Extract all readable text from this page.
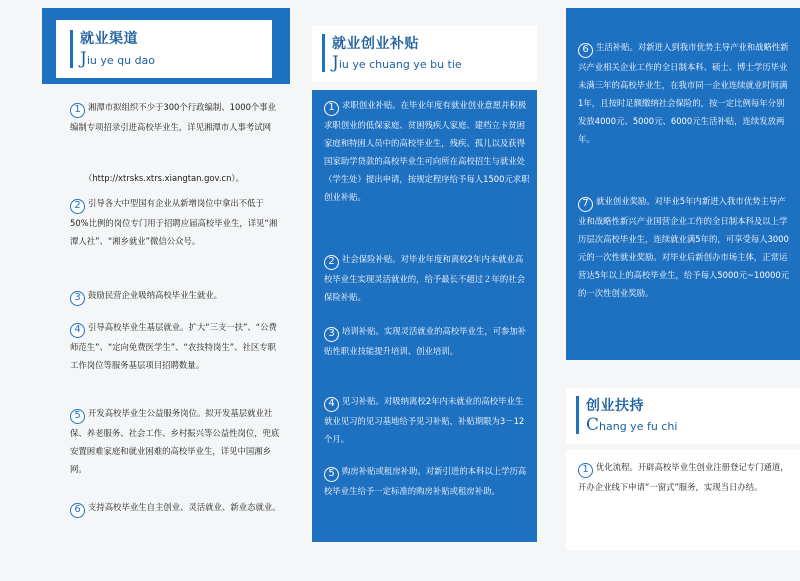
就业渠道
Jiu ye qu dao
1 湘潭市拟组织不少于300个行政编制、1000个事业编制专项招录引进高校毕业生，详见湘潭市人事考试网
（http://xtrsks.xtrs.xiangtan.gov.cn）。
2 引导各大中型国有企业从新增岗位中拿出不低于50%比例的岗位专门用于招聘应届高校毕业生，详见“湘潭人社”、“湘乡就业”微信公众号。
3 鼓励民营企业吸纳高校毕业生就业。
4 引导高校毕业生基层就业。扩大“三支一扶”、“公费师范生”、“定向免费医学生”、“农技特岗生”、社区专职工作岗位等服务基层项目招聘数量。
5 开发高校毕业生公益服务岗位。拟开发基层就业社保、养老服务、社会工作、乡村振兴等公益性岗位，兜底安置困难家庭和就业困难的高校毕业生，详见中国湘乡网。
6 支持高校毕业生自主创业、灵活就业、新业态就业。
就业创业补贴
Jiu ye chuang ye bu tie
1 求职创业补贴。在毕业年度有就业创业意愿并积极求职创业的低保家庭、贫困残疾人家庭、建档立卡贫困家庭和特困人员中的高校毕业生，残疾、孤儿以及获得国家助学贷款的高校毕业生可向所在高校招生与就业处（学生处）提出申请，按规定程序给予每人1500元求职创业补贴。
2 社会保险补贴。对毕业年度和离校2年内未就业高校毕业生实现灵活就业的，给予最长不超过２年的社会保险补贴。
3 培训补贴。实现灵活就业的高校毕业生，可参加补贴性职业技能提升培训、创业培训。
4 见习补贴。对吸纳离校2年内未就业的高校毕业生就业见习的见习基地给予见习补贴，补贴期限为3－12个月。
5 购房补贴或租房补助。对新引进的本科以上学历高校毕业生给予一定标准的购房补贴或租房补助。
6 生活补贴。对新进入到我市优势主导产业和战略性新兴产业相关企业工作的全日制本科、硕士、博士学历毕业未满三年的高校毕业生，在我市同一企业连续就业时间满1年，且按时足额缴纳社会保险的，按一定比例每年分别发放4000元、5000元、6000元生活补贴，连续发放两年。
7 就业创业奖励。对毕业5年内新进入我市优势主导产业和战略性新兴产业国营企业工作的全日制本科及以上学历层次高校毕业生，连续就业满5年的，可享受每人3000元的一次性就业奖励。对毕业后新创办市场主体，正常运营达5年以上的高校毕业生，给予每人5000元~10000元的一次性创业奖励。
创业扶持
Chang ye fu chi
1 优化流程。开辟高校毕业生创业注册登记专门通道，开办企业线下申请“一窗式”服务，实现当日办结。
